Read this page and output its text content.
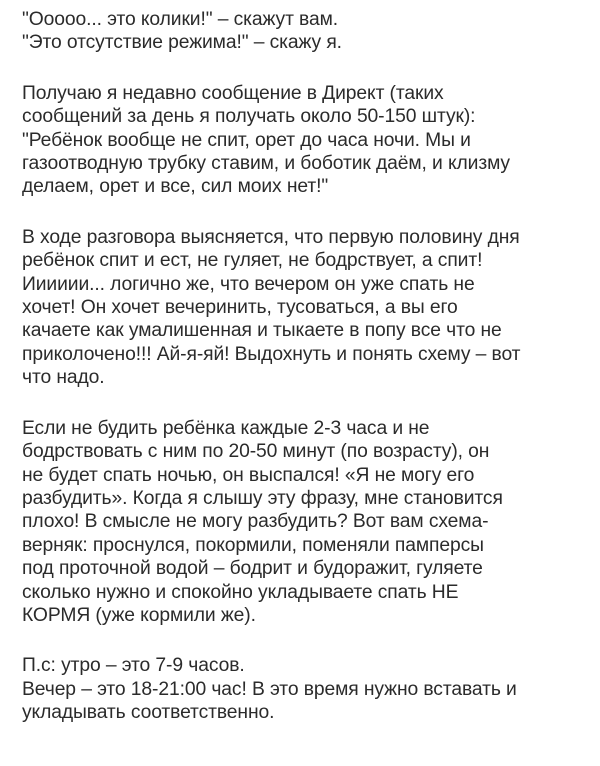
"Ооооо... это колики!" – скажут вам.
"Это отсутствие режима!" – скажу я.

Получаю я недавно сообщение в Директ (таких
сообщений за день я получать около 50-150 штук):
"Ребёнок вообще не спит, орет до часа ночи. Мы и
газоотводную трубку ставим, и боботик даём, и клизму
делаем, орет и все, сил моих нет!"

В ходе разговора выясняется, что первую половину дня
ребёнок спит и ест, не гуляет, не бодрствует, а спит!
Ииииии... логично же, что вечером он уже спать не
хочет! Он хочет вечеринить, тусоваться, а вы его
качаете как умалишенная и тыкаете в попу все что не
приколочено!!! Ай-я-яй! Выдохнуть и понять схему – вот
что надо.

Если не будить ребёнка каждые 2-3 часа и не
бодрствовать с ним по 20-50 минут (по возрасту), он
не будет спать ночью, он выспался! «Я не могу его
разбудить». Когда я слышу эту фразу, мне становится
плохо! В смысле не могу разбудить? Вот вам схема-
верняк: проснулся, покормили, поменяли памперсы
под проточной водой – бодрит и будоражит, гуляете
сколько нужно и спокойно укладываете спать НЕ
КОРМЯ (уже кормили же).

П.с: утро – это 7-9 часов.
Вечер – это 18-21:00 час! В это время нужно вставать и
укладывать соответственно.
